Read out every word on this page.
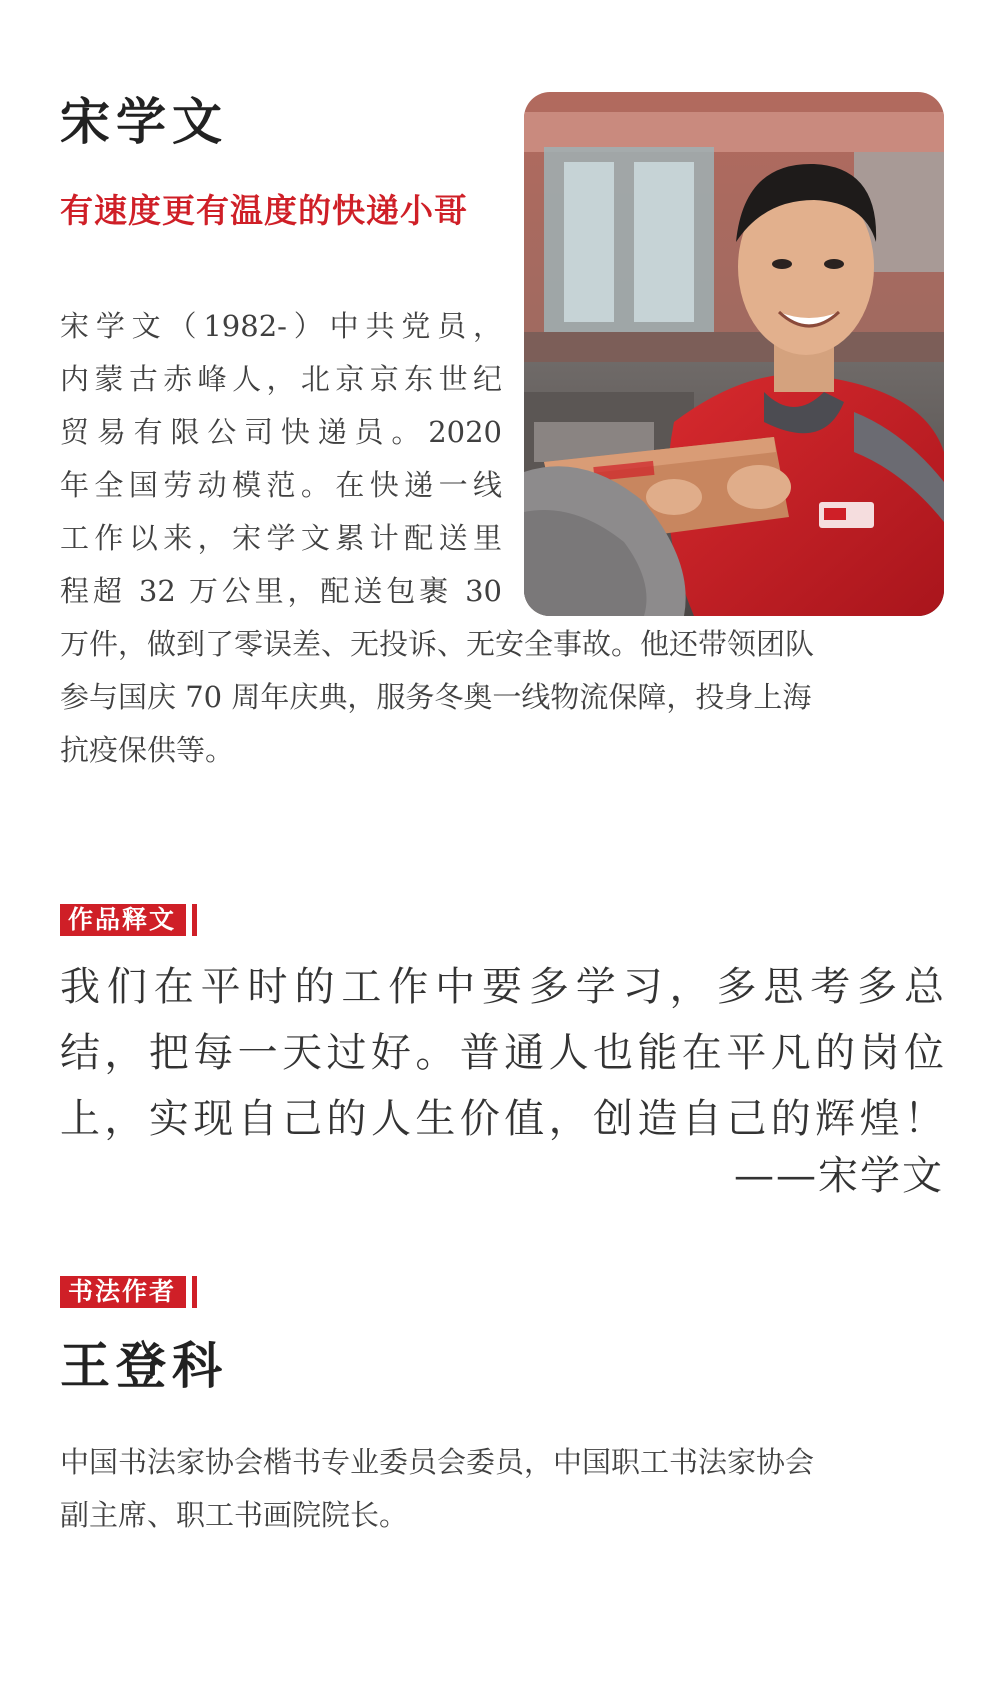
宋学文

有速度更有温度的快递小哥

宋学文（1982-）中共党员，
内蒙古赤峰人，北京京东世纪
贸易有限公司快递员。2020
年全国劳动模范。在快递一线
工作以来，宋学文累计配送里
程超 32 万公里，配送包裹 30
万件，做到了零误差、无投诉、无安全事故。他还带领团队
参与国庆 70 周年庆典，服务冬奥一线物流保障，投身上海
抗疫保供等。
作品释文
我们在平时的工作中要多学习，多思考多总
结，把每一天过好。普通人也能在平凡的岗位
上，实现自己的人生价值，创造自己的辉煌！

——宋学文

书法作者
王登科
中国书法家协会楷书专业委员会委员，中国职工书法家协会
副主席、职工书画院院长。
